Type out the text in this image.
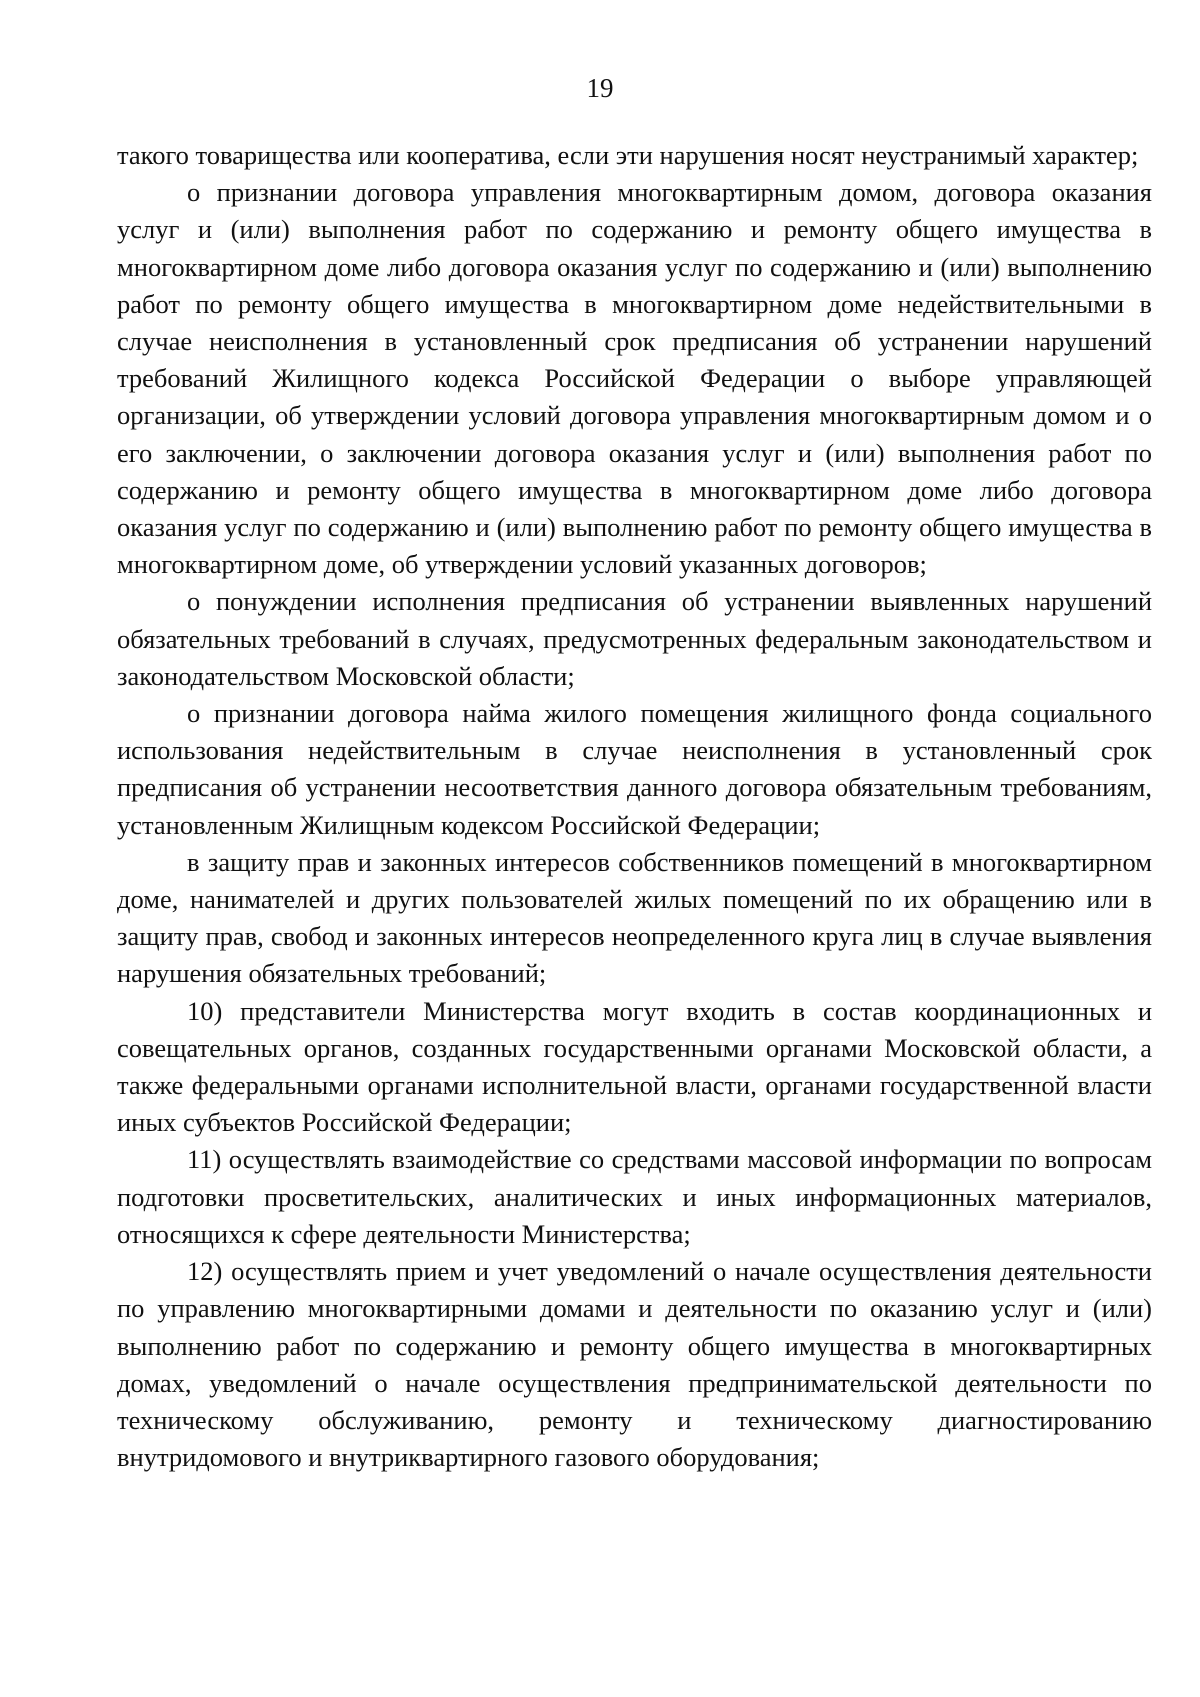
19

такого товарищества или кооператива, если эти нарушения носят неустранимый характер;

о признании договора управления многоквартирным домом, договора оказания услуг и (или) выполнения работ по содержанию и ремонту общего имущества в многоквартирном доме либо договора оказания услуг по содержанию и (или) выполнению работ по ремонту общего имущества в многоквартирном доме недействительными в случае неисполнения в установленный срок предписания об устранении нарушений требований Жилищного кодекса Российской Федерации о выборе управляющей организации, об утверждении условий договора управления многоквартирным домом и о его заключении, о заключении договора оказания услуг и (или) выполнения работ по содержанию и ремонту общего имущества в многоквартирном доме либо договора оказания услуг по содержанию и (или) выполнению работ по ремонту общего имущества в многоквартирном доме, об утверждении условий указанных договоров;

о понуждении исполнения предписания об устранении выявленных нарушений обязательных требований в случаях, предусмотренных федеральным законодательством и законодательством Московской области;

о признании договора найма жилого помещения жилищного фонда социального использования недействительным в случае неисполнения в установленный срок предписания об устранении несоответствия данного договора обязательным требованиям, установленным Жилищным кодексом Российской Федерации;

в защиту прав и законных интересов собственников помещений в многоквартирном доме, нанимателей и других пользователей жилых помещений по их обращению или в защиту прав, свобод и законных интересов неопределенного круга лиц в случае выявления нарушения обязательных требований;

10) представители Министерства могут входить в состав координационных и совещательных органов, созданных государственными органами Московской области, а также федеральными органами исполнительной власти, органами государственной власти иных субъектов Российской Федерации;

11) осуществлять взаимодействие со средствами массовой информации по вопросам подготовки просветительских, аналитических и иных информационных материалов, относящихся к сфере деятельности Министерства;

12) осуществлять прием и учет уведомлений о начале осуществления деятельности по управлению многоквартирными домами и деятельности по оказанию услуг и (или) выполнению работ по содержанию и ремонту общего имущества в многоквартирных домах, уведомлений о начале осуществления предпринимательской деятельности по техническому обслуживанию, ремонту и техническому диагностированию внутридомового и внутриквартирного газового оборудования;
